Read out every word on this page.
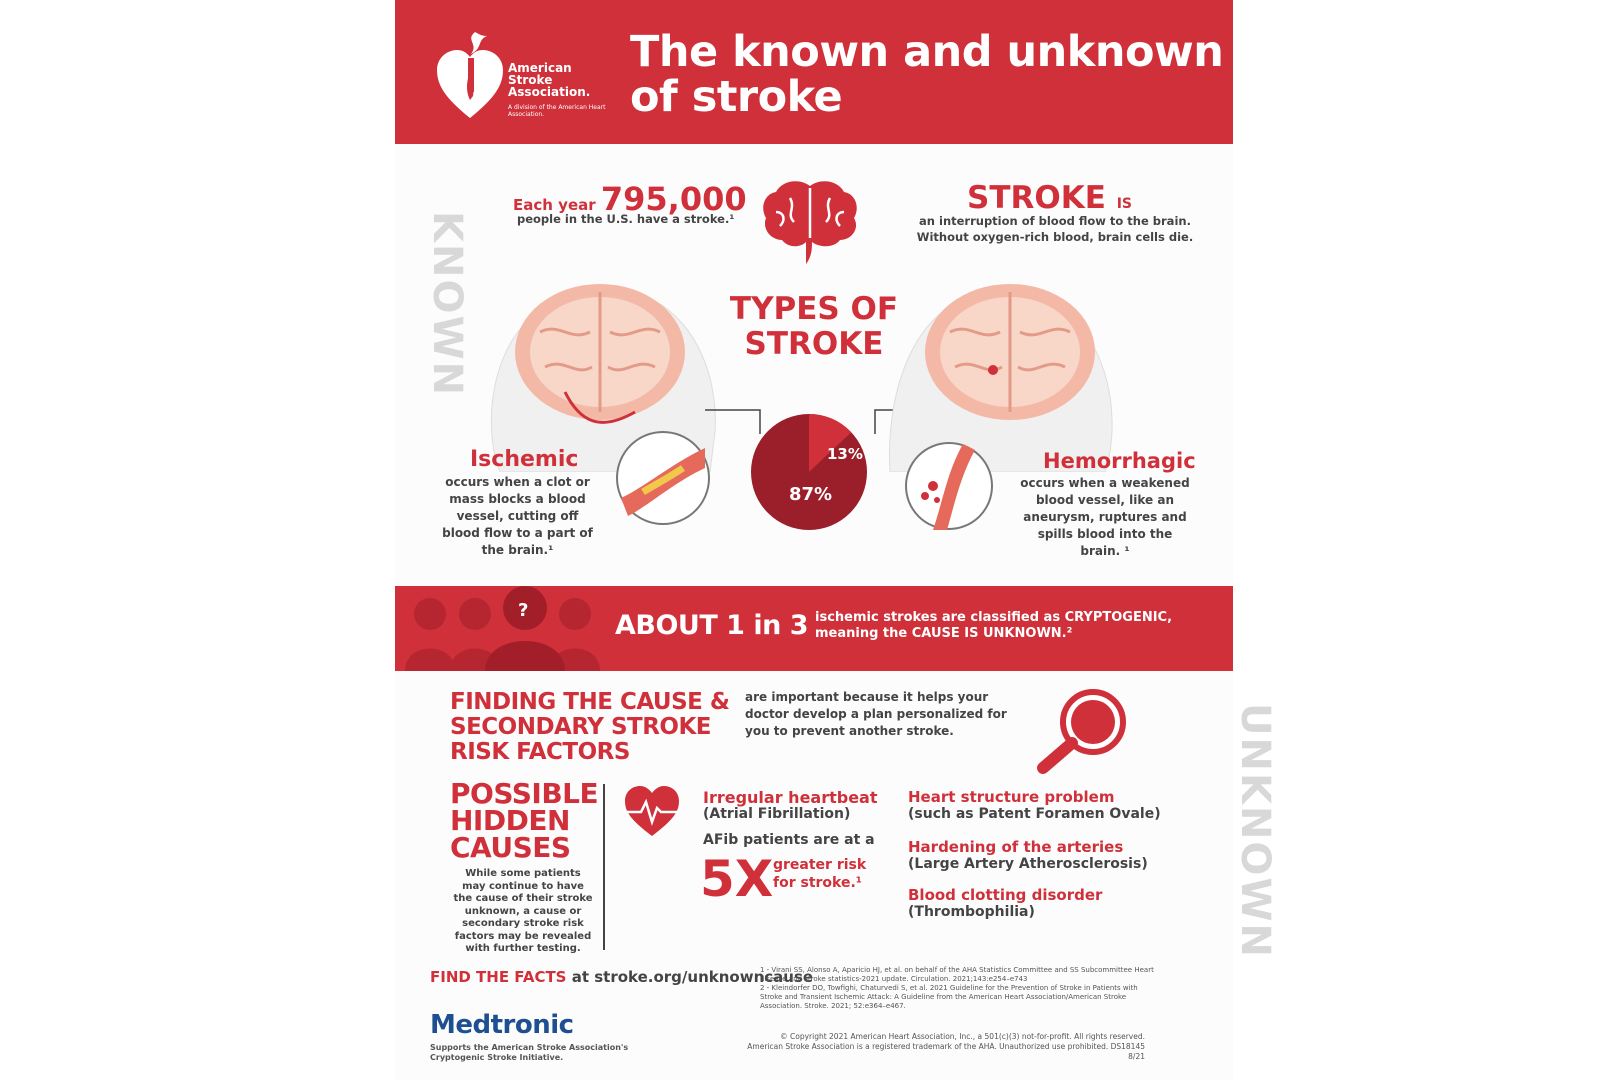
American Stroke Association.
A division of the American Heart Association.
The known and unknown of stroke
KNOWN
UNKNOWN
Each year 795,000
people in the U.S. have a stroke.¹
STROKE IS
an interruption of blood flow to the brain. Without oxygen-rich blood, brain cells die.
TYPES OF STROKE
Ischemic
occurs when a clot or mass blocks a blood vessel, cutting off blood flow to a part of the brain.¹
87%
13%	Hemorrhagic
occurs when a weakened blood vessel, like an aneurysm, ruptures and spills blood into the brain. ¹
?	ABOUT 1 in 3 ischemic strokes are classified as CRYPTOGENIC, meaning the CAUSE IS UNKNOWN.²
FINDING THE CAUSE & SECONDARY STROKE RISK FACTORS
are important because it helps your doctor develop a plan personalized for you to prevent another stroke.
POSSIBLE HIDDEN CAUSES
While some patients may continue to have the cause of their stroke unknown, a cause or secondary stroke risk factors may be revealed with further testing.
Irregular heartbeat
(Atrial Fibrillation)
AFib patients are at a
5X greater risk for stroke.¹
Heart structure problem
(such as Patent Foramen Ovale)
Hardening of the arteries
(Large Artery Atherosclerosis)
Blood clotting disorder
(Thrombophilia)
FIND THE FACTS at stroke.org/unknowncause
1 - Virani SS, Alonso A, Aparicio HJ, et al. on behalf of the AHA Statistics Committee and SS Subcommittee Heart disease and stroke statistics-2021 update. Circulation. 2021;143:e254–e743
2 - Kleindorfer DO, Towfighi, Chaturvedi S, et al. 2021 Guideline for the Prevention of Stroke in Patients with Stroke and Transient Ischemic Attack: A Guideline from the American Heart Association/American Stroke Association. Stroke. 2021; 52:e364–e467.
Medtronic
Supports the American Stroke Association's Cryptogenic Stroke Initiative.
© Copyright 2021 American Heart Association, Inc., a 501(c)(3) not-for-profit. All rights reserved.
American Stroke Association is a registered trademark of the AHA. Unauthorized use prohibited. DS18145 8/21
